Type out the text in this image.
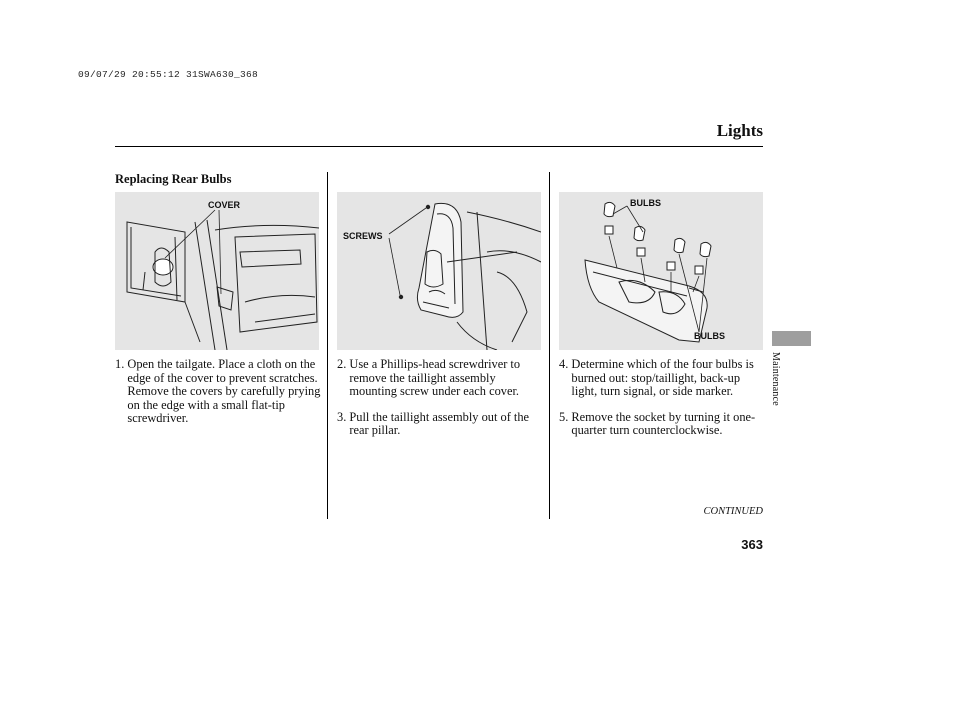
09/07/29 20:55:12 31SWA630_368
Lights
Replacing Rear Bulbs
COVER
SCREWS
BULBS
BULBS
1.
Open the tailgate. Place a cloth on the edge of the cover to prevent scratches. Remove the covers by carefully prying on the edge with a small flat-tip screwdriver.
2.
Use a Phillips-head screwdriver to remove the taillight assembly mounting screw under each cover.
3.
Pull the taillight assembly out of the rear pillar.
4.
Determine which of the four bulbs is burned out: stop/taillight, back-up light, turn signal, or side marker.
5.
Remove the socket by turning it one-quarter turn counterclockwise.
CONTINUED
363
Maintenance
